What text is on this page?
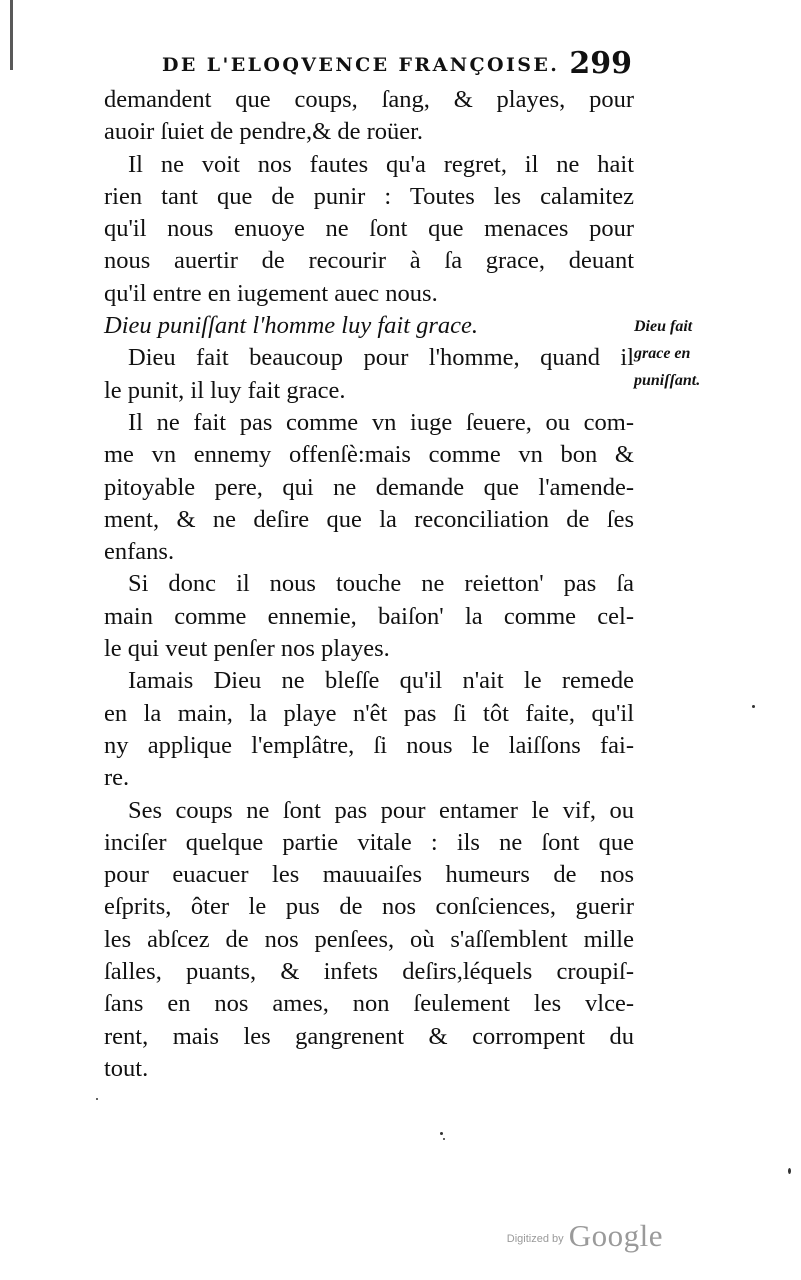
DE L'ELOQVENCE FRANÇOISE. 299
demandent que coups, ſang, & playes, pour
auoir ſuiet de pendre,& de roüer.
Il ne voit nos fautes qu'a regret, il ne hait
rien tant que de punir : Toutes les calamitez
qu'il nous enuoye ne ſont que menaces pour
nous auertir de recourir à ſa grace, deuant
qu'il entre en iugement auec nous.
Dieu puniſſant l'homme luy fait grace.
Dieu fait beaucoup pour l'homme, quand il
le punit, il luy fait grace.
Il ne fait pas comme vn iuge ſeuere, ou com-
me vn ennemy offenſè:mais comme vn bon &
pitoyable pere, qui ne demande que l'amende-
ment, & ne deſire que la reconciliation de ſes
enfans.
Si donc il nous touche ne reietton' pas ſa
main comme ennemie, baiſon' la comme cel-
le qui veut penſer nos playes.
Iamais Dieu ne bleſſe qu'il n'ait le remede
en la main, la playe n'êt pas ſi tôt faite, qu'il
ny applique l'emplâtre, ſi nous le laiſſons fai-
re.
Ses coups ne ſont pas pour entamer le vif, ou
inciſer quelque partie vitale : ils ne ſont que
pour euacuer les mauuaiſes humeurs de nos
eſprits, ôter le pus de nos conſciences, guerir
les abſcez de nos penſees, où s'aſſemblent mille
ſalles, puants, & infets deſirs,léquels croupiſ-
ſans en nos ames, non ſeulement les vlce-
rent, mais les gangrenent & corrompent du
tout.
Dieu fait
grace en
puniſſant.
$^{Digitized by}$ Google
